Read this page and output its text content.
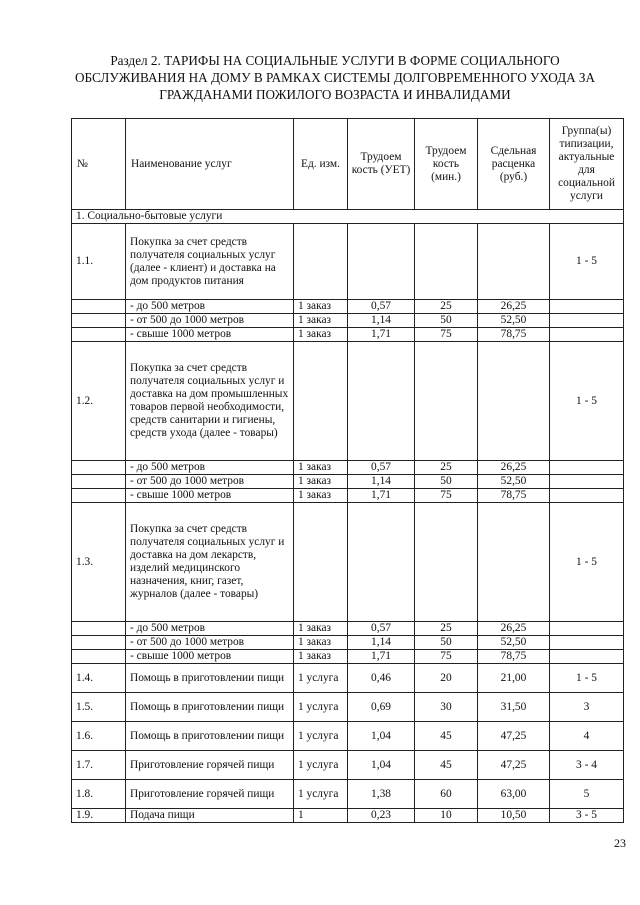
Раздел 2. ТАРИФЫ НА СОЦИАЛЬНЫЕ УСЛУГИ В ФОРМЕ СОЦИАЛЬНОГО
ОБСЛУЖИВАНИЯ НА ДОМУ В РАМКАХ СИСТЕМЫ ДОЛГОВРЕМЕННОГО УХОДА ЗА
ГРАЖДАНАМИ ПОЖИЛОГО ВОЗРАСТА И ИНВАЛИДАМИ
№	Наименование услуг	Ед. изм.	Трудоем кость (УЕТ)	Трудоем кость (мин.)	Сдельная расценка (руб.)	Группа(ы) типизации, актуальные для социальной услуги
1. Социально-бытовые услуги						
1.1.	Покупка за счет средств получателя социальных услуг (далее - клиент) и доставка на дом продуктов питания					1 - 5
	- до 500 метров	1 заказ	0,57	25	26,25	
	- от 500 до 1000 метров	1 заказ	1,14	50	52,50	
	- свыше 1000 метров	1 заказ	1,71	75	78,75	
1.2.	Покупка за счет средств получателя социальных услуг и доставка на дом промышленных товаров первой необходимости, средств санитарии и гигиены, средств ухода (далее - товары)					1 - 5
	- до 500 метров	1 заказ	0,57	25	26,25	
	- от 500 до 1000 метров	1 заказ	1,14	50	52,50	
	- свыше 1000 метров	1 заказ	1,71	75	78,75	
1.3.	Покупка за счет средств получателя социальных услуг и доставка на дом лекарств, изделий медицинского назначения, книг, газет, журналов (далее - товары)					1 - 5
	- до 500 метров	1 заказ	0,57	25	26,25	
	- от 500 до 1000 метров	1 заказ	1,14	50	52,50	
	- свыше 1000 метров	1 заказ	1,71	75	78,75	
1.4.	Помощь в приготовлении пищи	1 услуга	0,46	20	21,00	1 - 5
1.5.	Помощь в приготовлении пищи	1 услуга	0,69	30	31,50	3
1.6.	Помощь в приготовлении пищи	1 услуга	1,04	45	47,25	4
1.7.	Приготовление горячей пищи	1 услуга	1,04	45	47,25	3 - 4
1.8.	Приготовление горячей пищи	1 услуга	1,38	60	63,00	5
1.9.	Подача пищи	1	0,23	10	10,50	3 - 5
23
